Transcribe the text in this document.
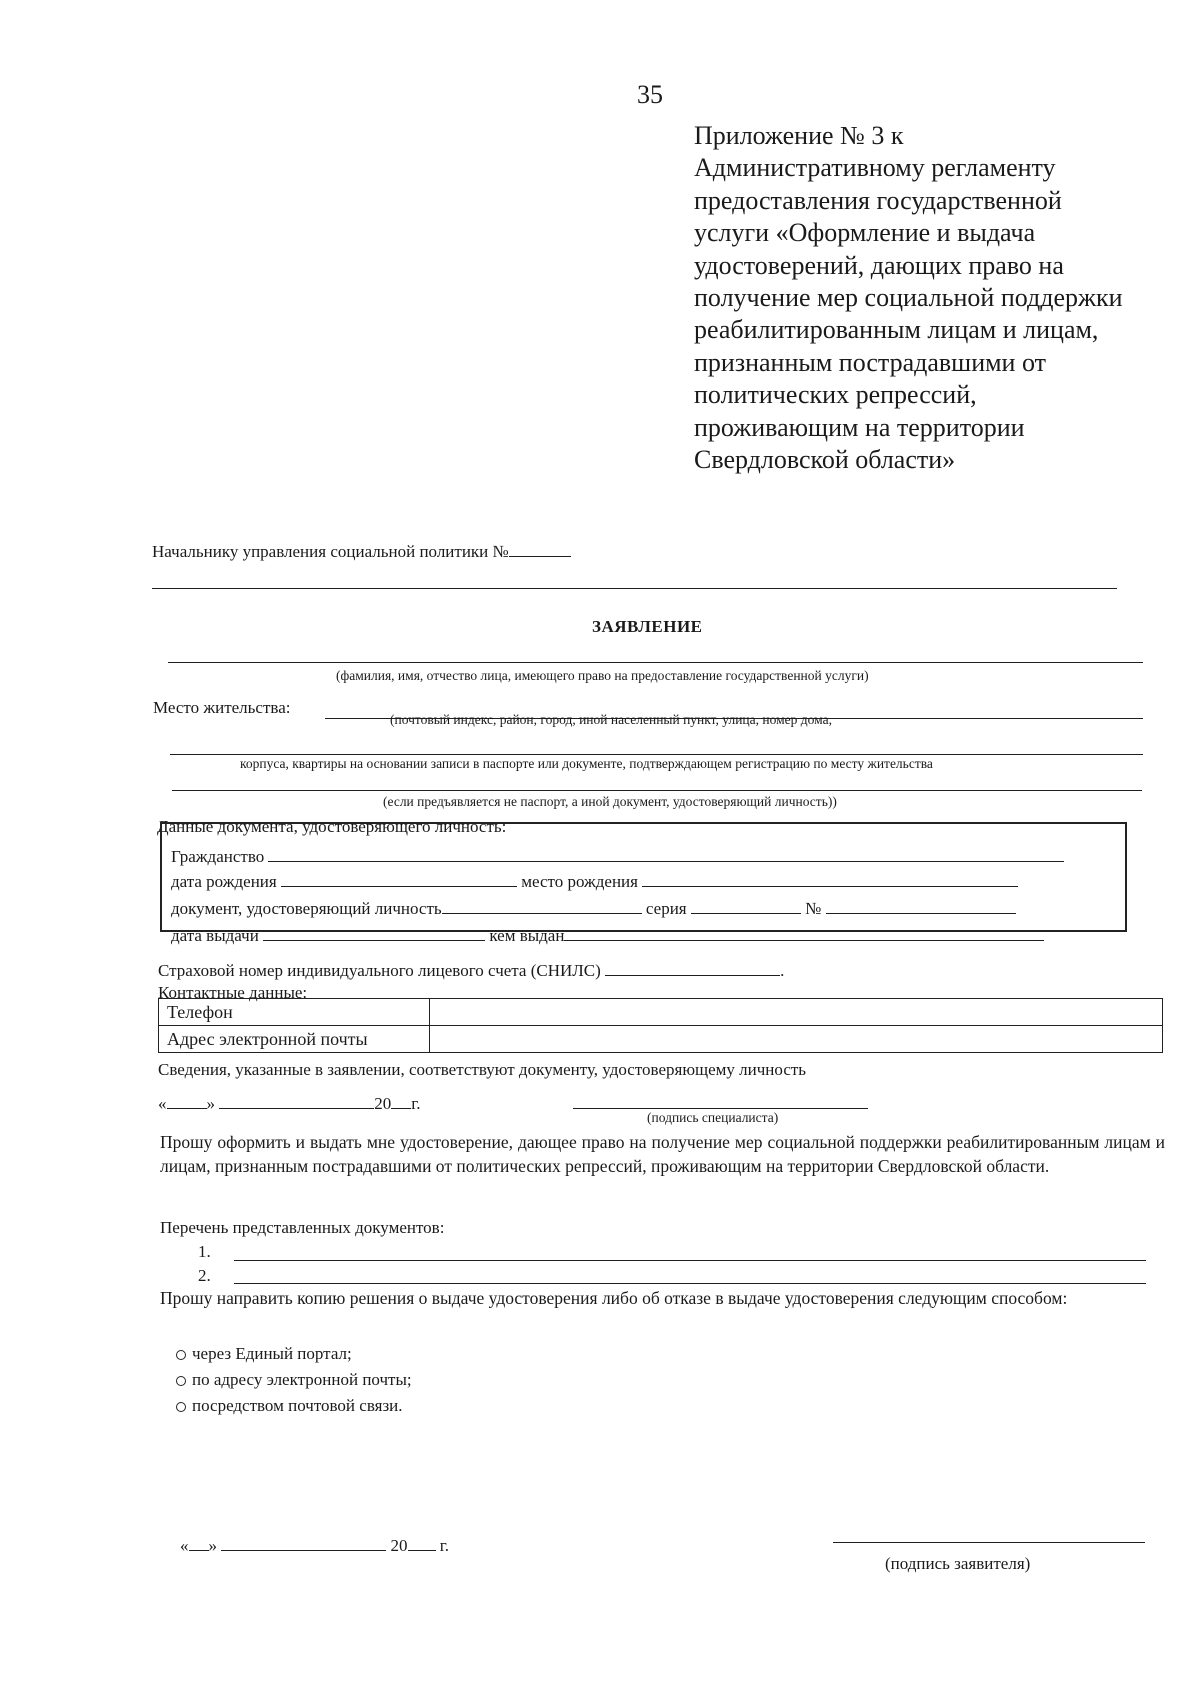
35
Приложение № 3 к Административному регламенту предоставления государственной услуги «Оформление и выдача удостоверений, дающих право на получение мер социальной поддержки реабилитированным лицам и лицам, признанным пострадавшими от политических репрессий, проживающим на территории Свердловской области»
Начальнику управления социальной политики №
ЗАЯВЛЕНИЕ
(фамилия, имя, отчество лица, имеющего право на предоставление государственной услуги)
Место жительства:
(почтовый индекс, район, город, иной населенный пункт, улица, номер дома,
корпуса, квартиры на основании записи в паспорте или документе, подтверждающем регистрацию по месту жительства
(если предъявляется не паспорт, а иной документ, удостоверяющий личность))
Данные документа, удостоверяющего личность:
Гражданство
дата рождения	место рождения
документ, удостоверяющий личность	серия	№
дата выдачи	кем выдан
Страховой номер индивидуального лицевого счета (СНИЛС)	.
Контактные данные:
Телефон	
Адрес электронной почты	
Сведения, указанные в заявлении, соответствуют документу, удостоверяющему личность
« »	20 г.
(подпись специалиста)
Прошу оформить и выдать мне удостоверение, дающее право на получение мер социальной поддержки реабилитированным лицам и лицам, признанным пострадавшими от политических репрессий, проживающим на территории Свердловской области.
Перечень представленных документов:
1.
2.
Прошу направить копию решения о выдаче удостоверения либо об отказе в выдаче удостоверения следующим способом:
через Единый портал;
по адресу электронной почты;
посредством почтовой связи.
« »	20 г.
(подпись заявителя)
